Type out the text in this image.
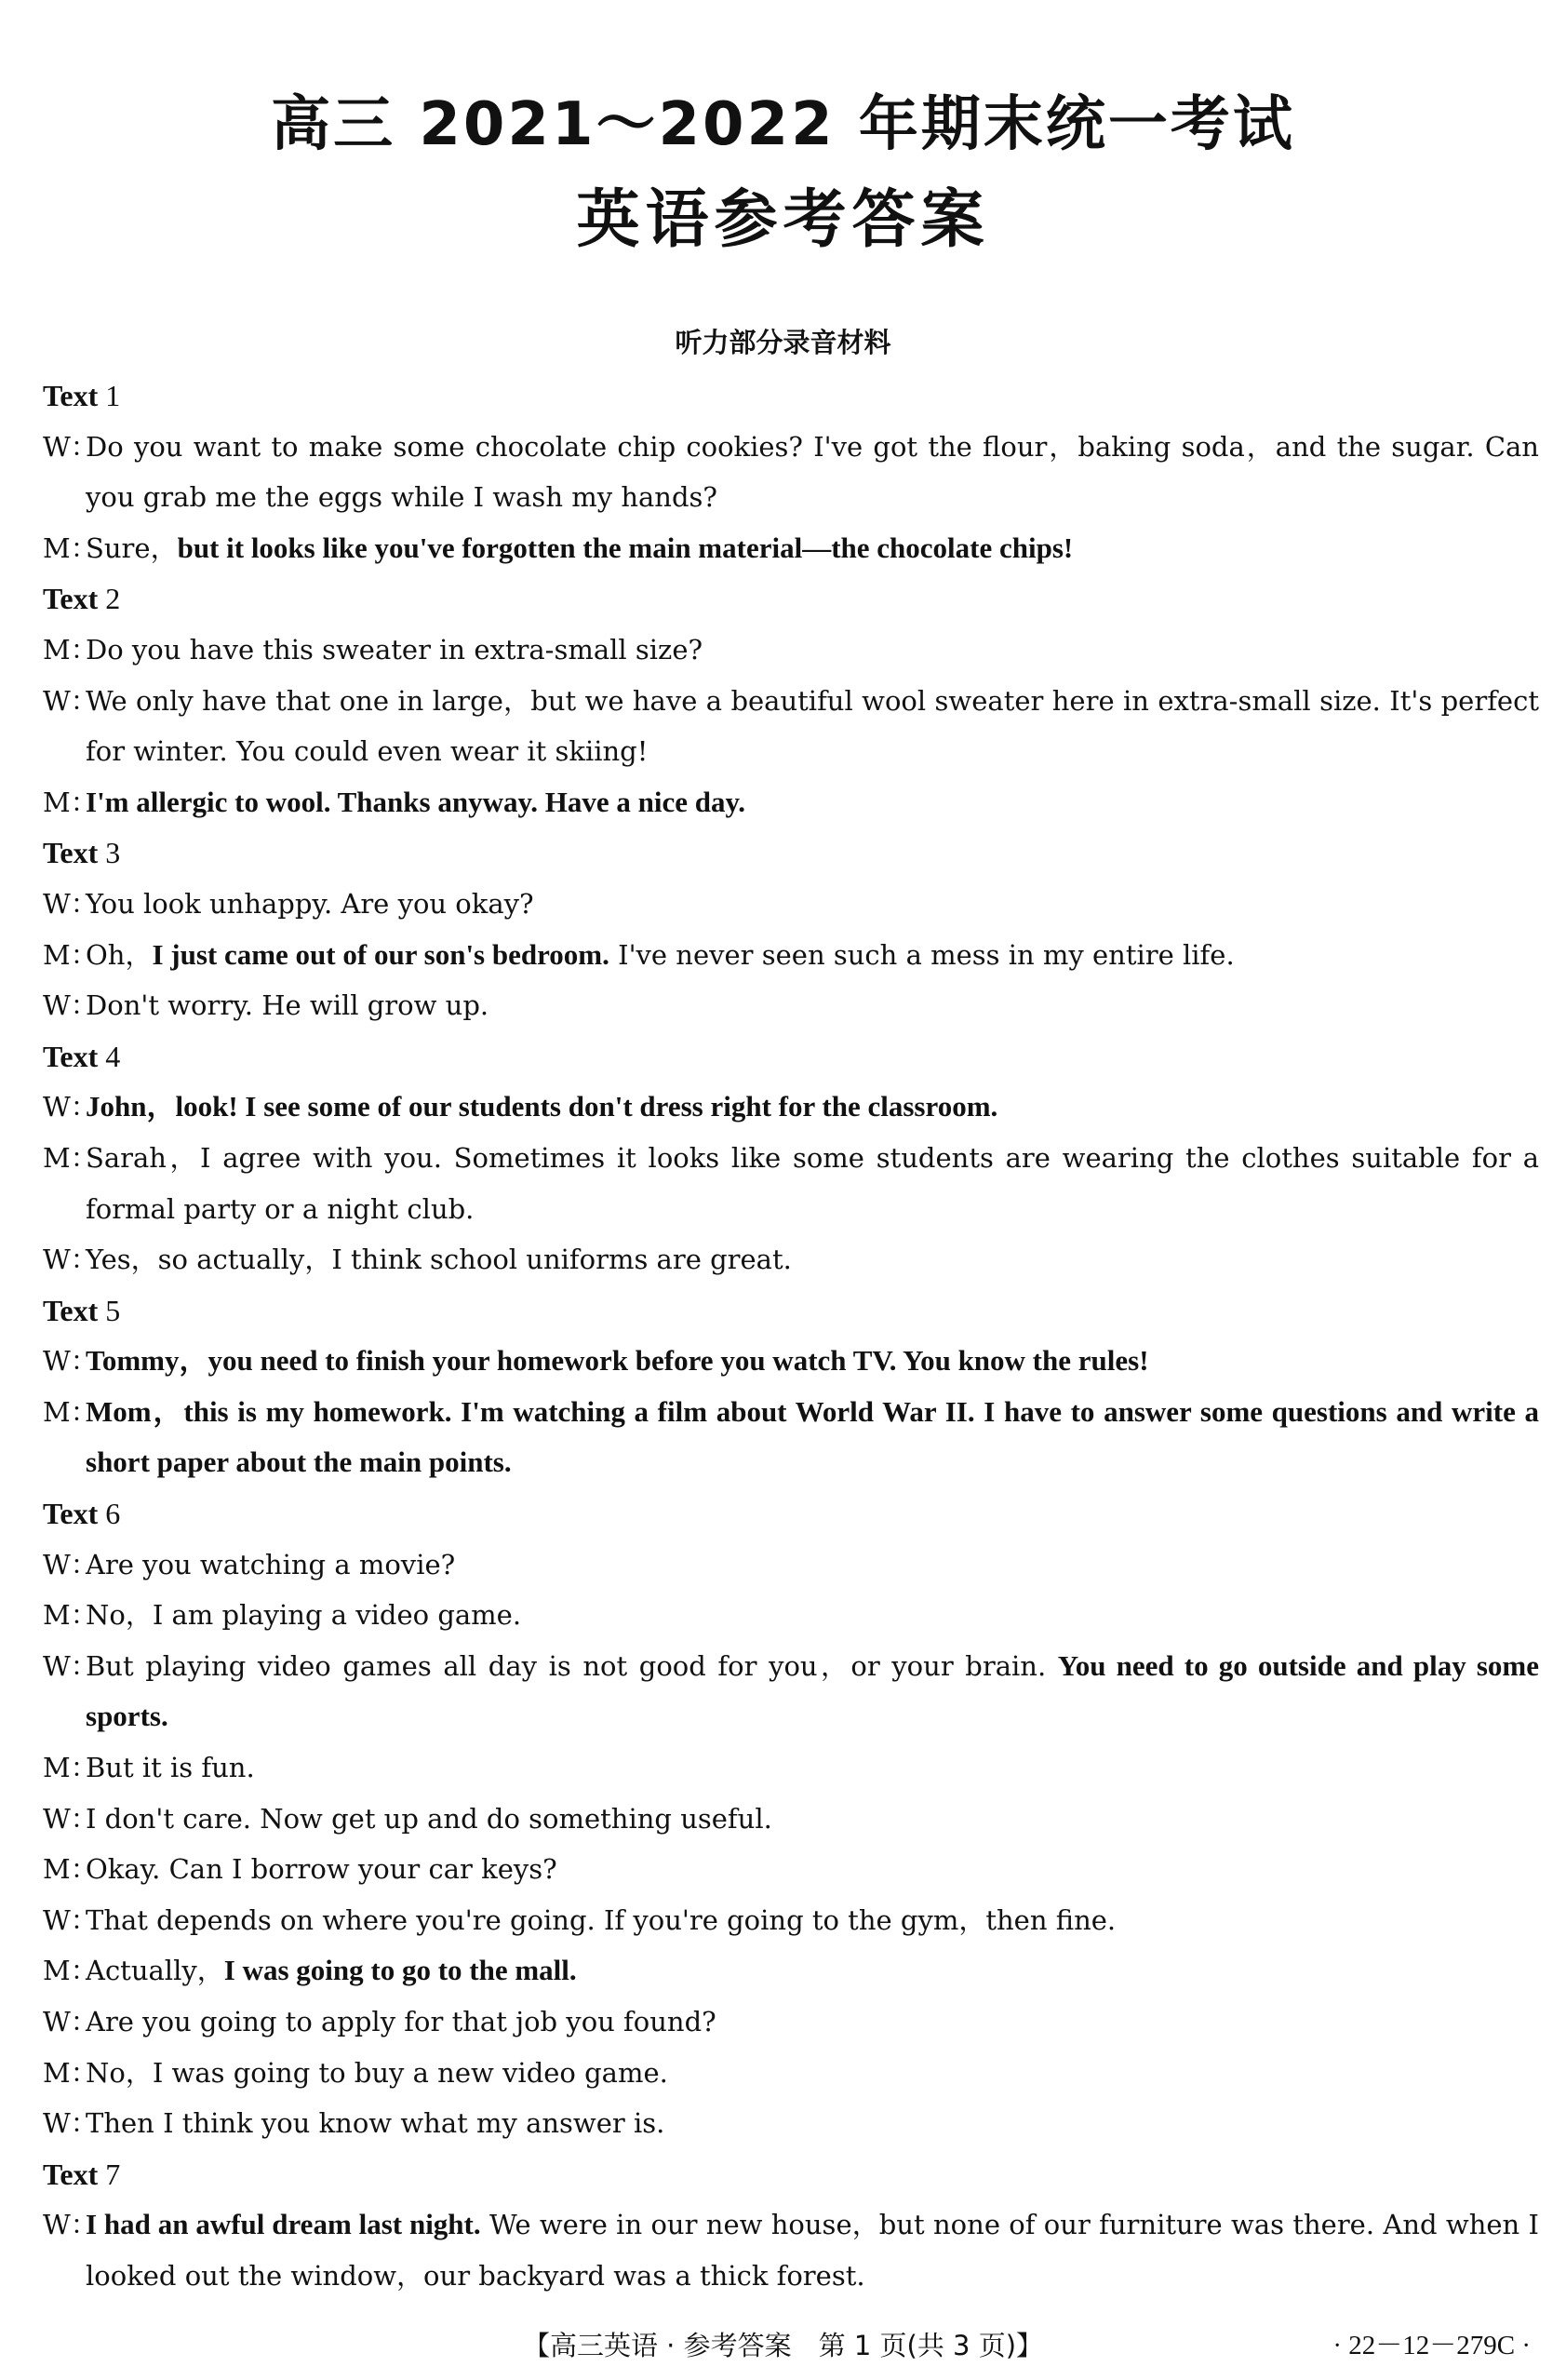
高三 2021～2022 年期末统一考试
英语参考答案
听力部分录音材料
Text 1
W：Do you want to make some chocolate chip cookies? I've got the flour，baking soda，and the sugar. Can you grab me the eggs while I wash my hands?
M：Sure，but it looks like you've forgotten the main material—the chocolate chips!
Text 2
M：Do you have this sweater in extra-small size?
W：We only have that one in large，but we have a beautiful wool sweater here in extra-small size. It's perfect for winter. You could even wear it skiing!
M：I'm allergic to wool. Thanks anyway. Have a nice day.
Text 3
W：You look unhappy. Are you okay?
M：Oh，I just came out of our son's bedroom. I've never seen such a mess in my entire life.
W：Don't worry. He will grow up.
Text 4
W：John，look! I see some of our students don't dress right for the classroom.
M：Sarah，I agree with you. Sometimes it looks like some students are wearing the clothes suitable for a formal party or a night club.
W：Yes，so actually，I think school uniforms are great.
Text 5
W：Tommy，you need to finish your homework before you watch TV. You know the rules!
M：Mom，this is my homework. I'm watching a film about World War II. I have to answer some questions and write a short paper about the main points.
Text 6
W：Are you watching a movie?
M：No，I am playing a video game.
W：But playing video games all day is not good for you，or your brain. You need to go outside and play some sports.
M：But it is fun.
W：I don't care. Now get up and do something useful.
M：Okay. Can I borrow your car keys?
W：That depends on where you're going. If you're going to the gym，then fine.
M：Actually，I was going to go to the mall.
W：Are you going to apply for that job you found?
M：No，I was going to buy a new video game.
W：Then I think you know what my answer is.
Text 7
W：I had an awful dream last night. We were in our new house，but none of our furniture was there. And when I looked out the window，our backyard was a thick forest.
【高三英语 · 参考答案　第 1 页(共 3 页)】	· 22－12－279C ·
